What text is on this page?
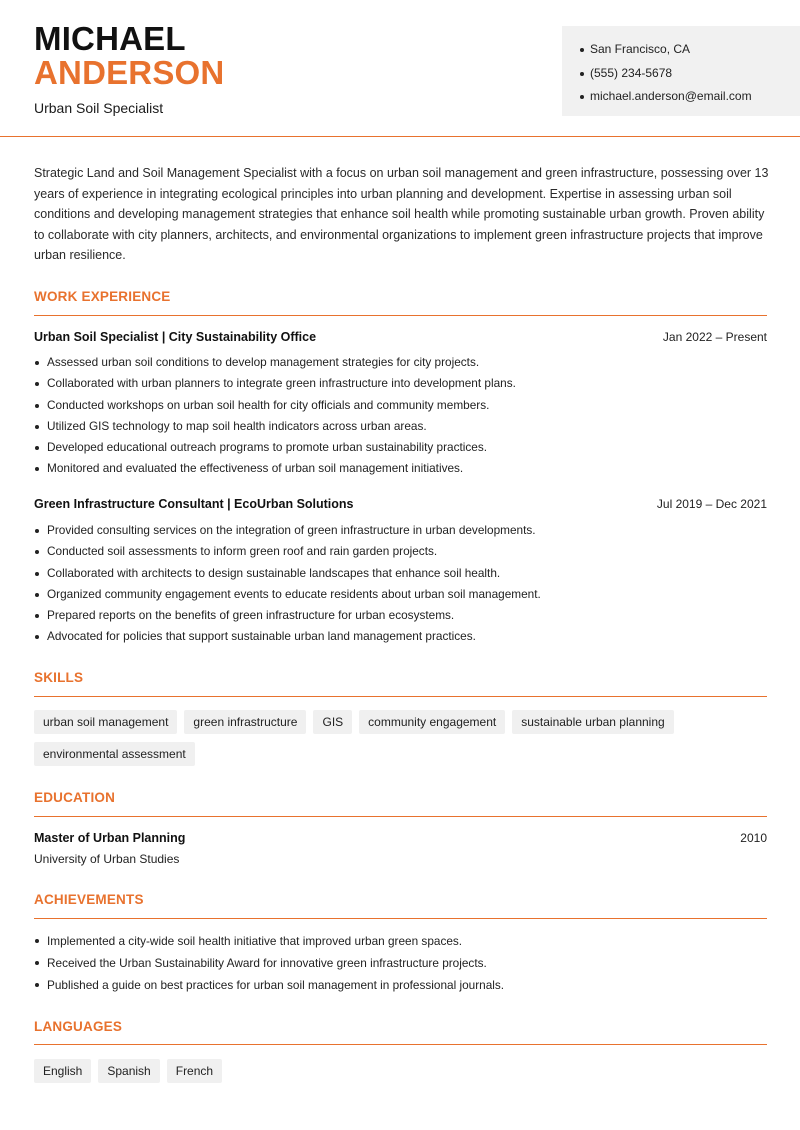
MICHAEL
ANDERSON
Urban Soil Specialist
San Francisco, CA
(555) 234-5678
michael.anderson@email.com

Strategic Land and Soil Management Specialist with a focus on urban soil management and green infrastructure, possessing over 13 years of experience in integrating ecological principles into urban planning and development. Expertise in assessing urban soil conditions and developing management strategies that enhance soil health while promoting sustainable urban growth. Proven ability to collaborate with city planners, architects, and environmental organizations to implement green infrastructure projects that improve urban resilience.

WORK EXPERIENCE
Urban Soil Specialist | City Sustainability Office	Jan 2022 – Present
Assessed urban soil conditions to develop management strategies for city projects.
Collaborated with urban planners to integrate green infrastructure into development plans.
Conducted workshops on urban soil health for city officials and community members.
Utilized GIS technology to map soil health indicators across urban areas.
Developed educational outreach programs to promote urban sustainability practices.
Monitored and evaluated the effectiveness of urban soil management initiatives.
Green Infrastructure Consultant | EcoUrban Solutions	Jul 2019 – Dec 2021
Provided consulting services on the integration of green infrastructure in urban developments.
Conducted soil assessments to inform green roof and rain garden projects.
Collaborated with architects to design sustainable landscapes that enhance soil health.
Organized community engagement events to educate residents about urban soil management.
Prepared reports on the benefits of green infrastructure for urban ecosystems.
Advocated for policies that support sustainable urban land management practices.
SKILLS
urban soil management	green infrastructure	GIS	community engagement	sustainable urban planning
environmental assessment
EDUCATION
Master of Urban Planning	2010
University of Urban Studies
ACHIEVEMENTS
Implemented a city-wide soil health initiative that improved urban green spaces.
Received the Urban Sustainability Award for innovative green infrastructure projects.
Published a guide on best practices for urban soil management in professional journals.
LANGUAGES
English	Spanish	French
